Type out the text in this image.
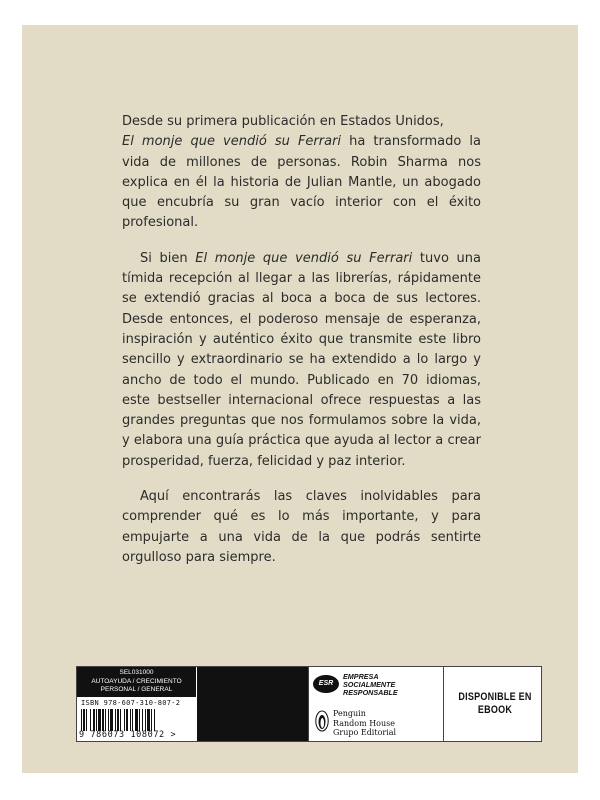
Desde su primera publicación en Estados Unidos,
El monje que vendió su Ferrari ha transformado la vida de millones de personas. Robin Sharma nos explica en él la historia de Julian Mantle, un abogado que encubría su gran vacío interior con el éxito profesional.

Si bien El monje que vendió su Ferrari tuvo una tímida recepción al llegar a las librerías, rápidamente se extendió gracias al boca a boca de sus lectores. Desde entonces, el poderoso mensaje de esperanza, inspiración y auténtico éxito que transmite este libro sencillo y extraordinario se ha extendido a lo largo y ancho de todo el mundo. Publicado en 70 idiomas, este bestseller internacional ofrece respuestas a las grandes preguntas que nos formulamos sobre la vida, y elabora una guía práctica que ayuda al lector a crear prosperidad, fuerza, felicidad y paz interior.

Aquí encontrarás las claves inolvidables para comprender qué es lo más importante, y para empujarte a una vida de la que podrás sentirte orgulloso para siempre.

SEL031000
AUTOAYUDA / CRECIMIENTO
PERSONAL / GENERAL
ISBN 978-607-310-807-2
9 786073 108072 >
ESR
EMPRESA
SOCIALMENTE
RESPONSABLE
Penguin
Random House
Grupo Editorial
DISPONIBLE EN
EBOOK
